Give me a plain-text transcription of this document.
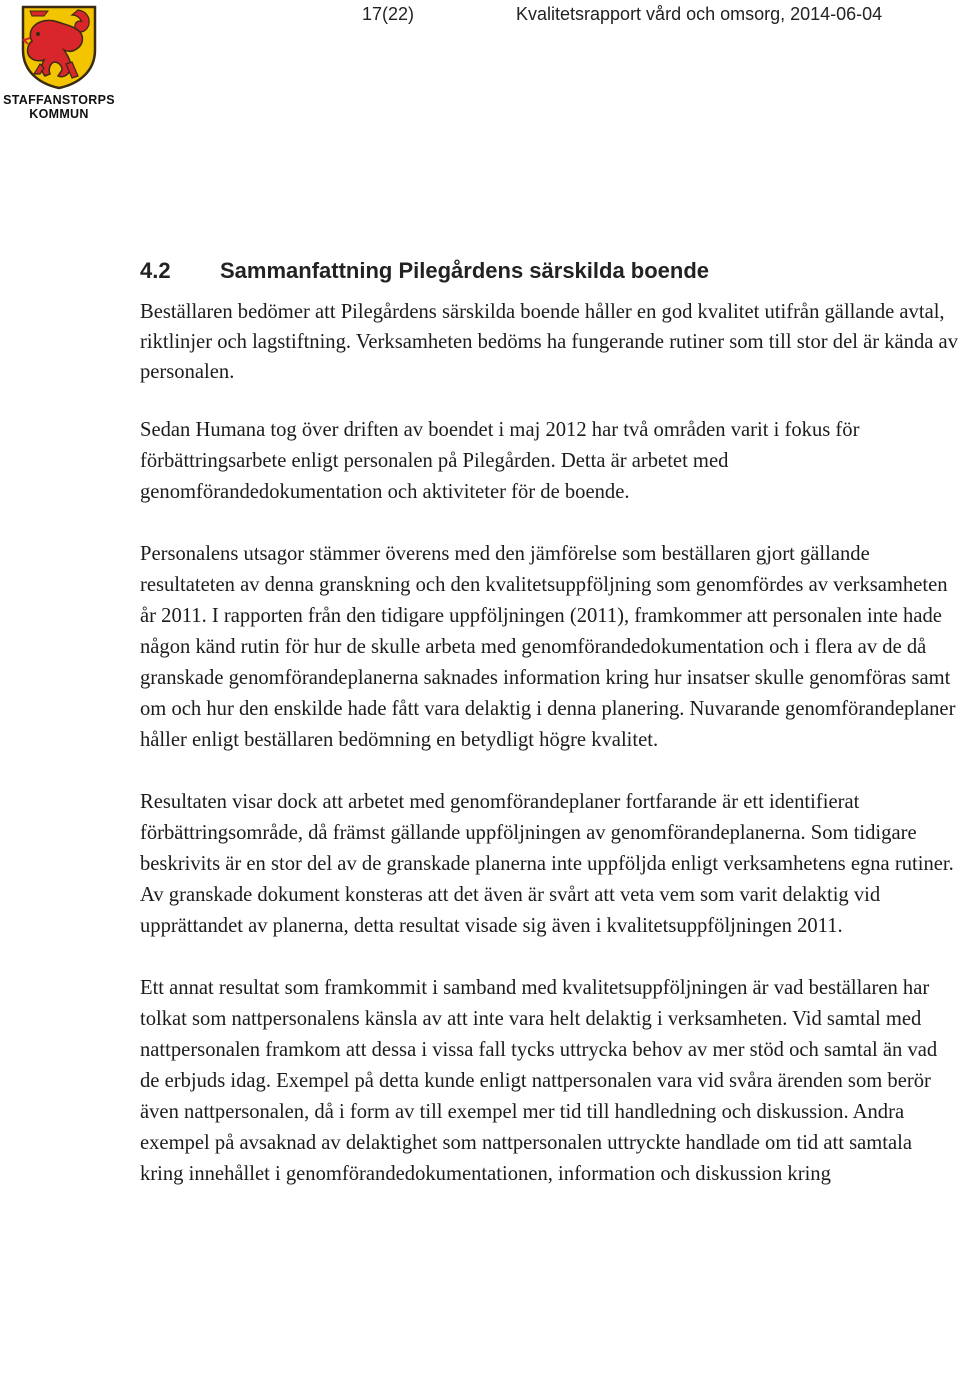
17(22)	Kvalitetsrapport vård och omsorg, 2014-06-04
STAFFANSTORPS
KOMMUN
4.2 Sammanfattning Pilegårdens särskilda boende

Beställaren bedömer att Pilegårdens särskilda boende håller en god kvalitet utifrån gällande avtal, riktlinjer och lagstiftning. Verksamheten bedöms ha fungerande rutiner som till stor del är kända av personalen.

Sedan Humana tog över driften av boendet i maj 2012 har två områden varit i fokus för förbättringsarbete enligt personalen på Pilegården. Detta är arbetet med genomförandedokumentation och aktiviteter för de boende.

Personalens utsagor stämmer överens med den jämförelse som beställaren gjort gällande resultateten av denna granskning och den kvalitetsuppföljning som genomfördes av verksamheten år 2011. I rapporten från den tidigare uppföljningen (2011), framkommer att personalen inte hade någon känd rutin för hur de skulle arbeta med genomförandedokumentation och i flera av de då granskade genomförandeplanerna saknades information kring hur insatser skulle genomföras samt om och hur den enskilde hade fått vara delaktig i denna planering. Nuvarande genomförandeplaner håller enligt beställaren bedömning en betydligt högre kvalitet.

Resultaten visar dock att arbetet med genomförandeplaner fortfarande är ett identifierat förbättringsområde, då främst gällande uppföljningen av genomförandeplanerna. Som tidigare beskrivits är en stor del av de granskade planerna inte uppföljda enligt verksamhetens egna rutiner. Av granskade dokument konsteras att det även är svårt att veta vem som varit delaktig vid upprättandet av planerna, detta resultat visade sig även i kvalitetsuppföljningen 2011.

Ett annat resultat som framkommit i samband med kvalitetsuppföljningen är vad beställaren har tolkat som nattpersonalens känsla av att inte vara helt delaktig i verksamheten. Vid samtal med nattpersonalen framkom att dessa i vissa fall tycks uttrycka behov av mer stöd och samtal än vad de erbjuds idag. Exempel på detta kunde enligt nattpersonalen vara vid svåra ärenden som berör även nattpersonalen, då i form av till exempel mer tid till handledning och diskussion. Andra exempel på avsaknad av delaktighet som nattpersonalen uttryckte handlade om tid att samtala kring innehållet i genomförandedokumentationen, information och diskussion kring
